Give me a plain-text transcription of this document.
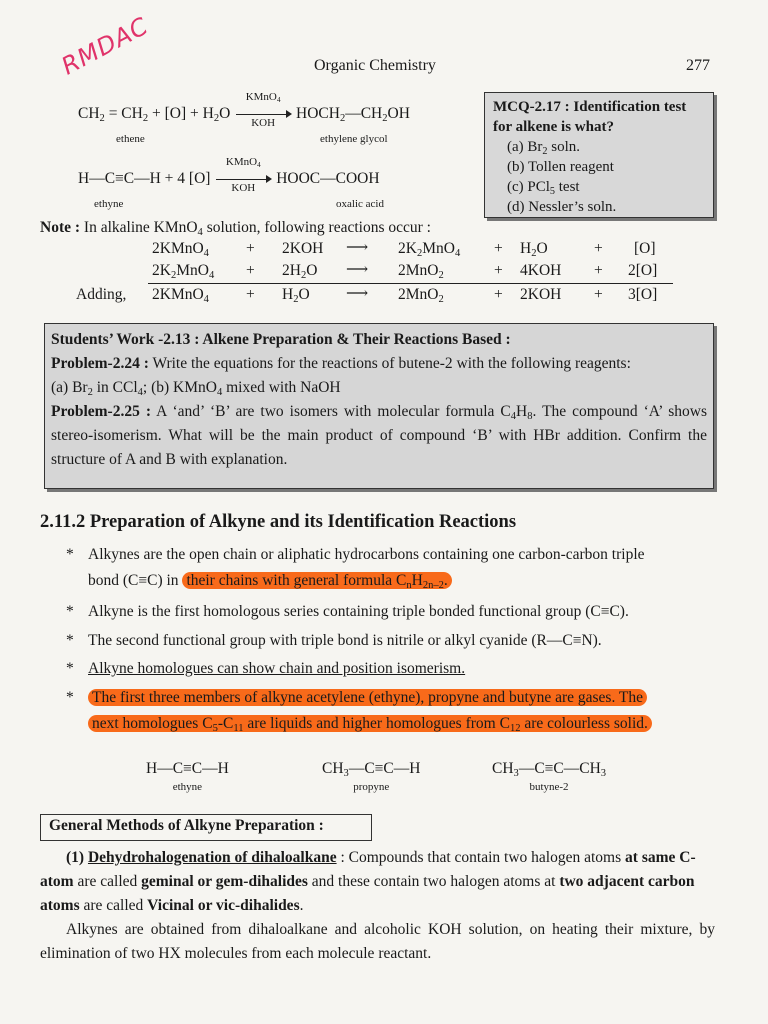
RMDAC	Organic Chemistry	277
$CH_2 = CH_2 + [O] + H_2O$
KMnO$_4$
KOH
$HOCH_2—CH_2OH$
ethene	ethylene glycol
H—C≡C—H + 4 [O]
KMnO$_4$
KOH
HOOC—COOH
ethyne	oxalic acid
MCQ-2.17 : Identification test for alkene is what?
(a) $Br_2$ soln.
(b) Tollen reagent
(c) PCl$_5$ test
(d) Nessler’s soln.
Note : In alkaline KMnO$_4$ solution, following reactions occur :
2KMnO$_4$ + 2KOH ⟶ $2K_2MnO_4 + H_2O$	+ [O]
$2K_2MnO_4 + 2H_2O$ ⟶ 2MnO$_2$	+ 4KOH + 2[O]
Adding, 2KMnO$_4$ + $H_2O$ ⟶ 2MnO$_2$	+ 2KOH + 3[O]
Students’ Work -2.13 : Alkene Preparation & Their Reactions Based :
Problem-2.24 : Write the equations for the reactions of butene-2 with the following reagents:
(a) $Br_2$ in CCl$_4$; (b) KMnO$_4$ mixed with NaOH
Problem-2.25 : A ‘and’ ‘B’ are two isomers with molecular formula $C_4H_8$. The compound ‘A’ shows stereo-isomerism. What will be the main product of compound ‘B’ with HBr addition. Confirm the structure of A and B with explanation.
2.11.2 Preparation of Alkyne and its Identification Reactions
* Alkynes are the open chain or aliphatic hydrocarbons containing one carbon-carbon triple
bond (C≡C) in their chains with general formula $C_nH_{2n-2}$.
* Alkyne is the first homologous series containing triple bonded functional group (C≡C).
* The second functional group with triple bond is nitrile or alkyl cyanide (R—C≡N).
* Alkyne homologues can show chain and position isomerism.
* The first three members of alkyne acetylene (ethyne), propyne and butyne are gases. The
next homologues $C_5-C_{11}$ are liquids and higher homologues from $C_{12}$ are colourless solid.
H—C≡C—H
ethyne
$CH_3—C\equiv C—H$
propyne
$CH_3—C\equiv C—CH_3$
butyne-2
General Methods of Alkyne Preparation :
(1) Dehydrohalogenation of dihaloalkane : Compounds that contain two halogen atoms at same C-atom are called geminal or gem-dihalides and these contain two halogen atoms at two adjacent carbon atoms are called Vicinal or vic-dihalides.
Alkynes are obtained from dihaloalkane and alcoholic KOH solution, on heating their mixture, by elimination of two HX molecules from each molecule reactant.
